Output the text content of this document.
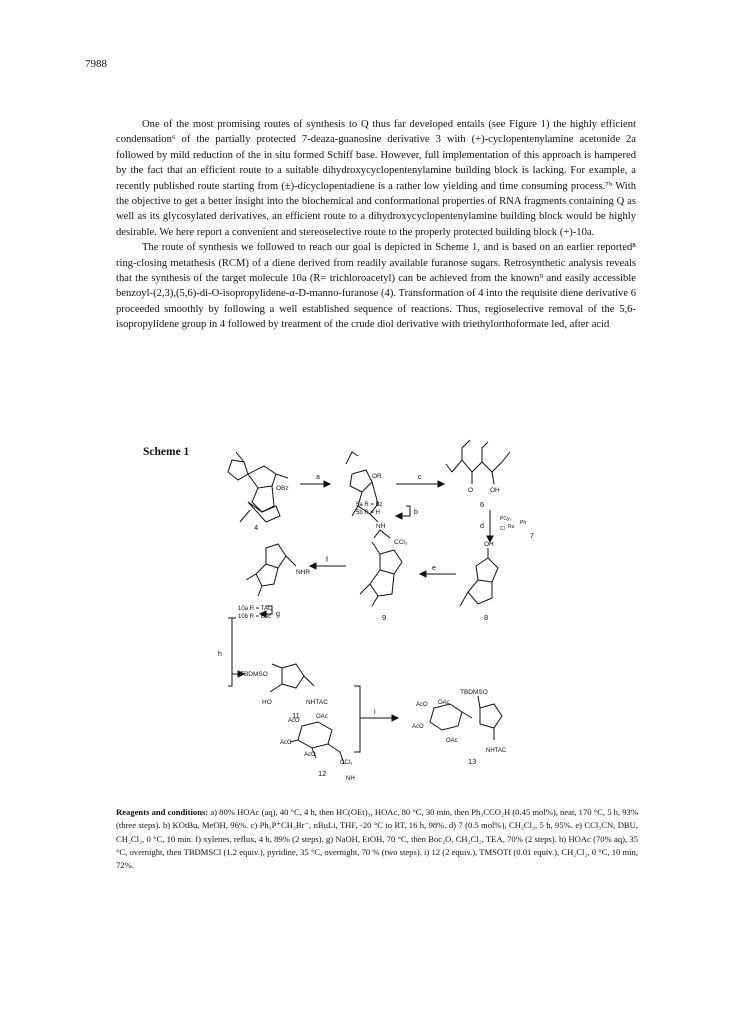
7988

One of the most promising routes of synthesis to Q thus far developed entails (see Figure 1) the highly efficient condensation⁶ of the partially protected 7-deaza-guanosine derivative 3 with (+)-cyclopentenylamine acetonide 2a followed by mild reduction of the in situ formed Schiff base. However, full implementation of this approach is hampered by the fact that an efficient route to a suitable dihydroxycyclopentenylamine building block is lacking. For example, a recently published route starting from (±)-dicyclopentadiene is a rather low yielding and time consuming process.⁷ᵇ With the objective to get a better insight into the biochemical and conformational properties of RNA fragments containing Q as well as its glycosylated derivatives, an efficient route to a dihydroxycyclopentenylamine building block would be highly desirable. We here report a convenient and stereoselective route to the properly protected building block (+)-10a.

The route of synthesis we followed to reach our goal is depicted in Scheme 1, and is based on an earlier reported⁸ ring-closing metathesis (RCM) of a diene derived from readily available furanose sugars. Retrosynthetic analysis reveals that the synthesis of the target molecule 10a (R= trichloroacetyl) can be achieved from the known⁹ and easily accessible benzoyl-(2,3),(5,6)-di-O-isopropylidene-α-D-manno-furanose (4). Transformation of 4 into the requisite diene derivative 6 proceeded smoothly by following a well established sequence of reactions. Thus, regioselective removal of the 5,6-isopropylidene group in 4 followed by treatment of the crude diol derivative with triethylorthoformate led, after acid

Scheme 1
4
OBz
a	OR
5a R = Bz
5b R = H	b
c
O	OH
6
d
PCy₃
Ph
Cl Ru
7
OH
8
e
NH
CCl₃
9
f
NHR
10a R = TAC
10b R = Boc g
h
TBDMSO
HO	NHTAC
11
AcO
OAc
AcO
AcO
CCl₃
NH
12
i
TBDMSO
AcO OAc
AcO
OAc
NHTAC
13
Reagents and conditions: a) 80% HOAc (aq), 40 °C, 4 h, then HC(OEt)₃, HOAc, 80 °C, 30 min, then Ph₃CCO₂H (0.45 mol%), neat, 170 °C, 5 h, 93% (three steps). b) KOtBu, MeOH, 96%. c) Ph₃P⁺CH₃Br⁻, nBuLi, THF, -20 °C to RT, 16 h, 98%. d) 7 (0.5 mol%), CH₂Cl₂, 5 h, 95%. e) CCl₃CN, DBU, CH₂Cl₂, 0 °C, 10 min. f) xylenes, reflux, 4 h, 89% (2 steps). g) NaOH, EtOH, 70 °C, then Boc₂O, CH₂Cl₂, TEA, 70% (2 steps). h) HOAc (70% aq), 35 °C, overnight, then TBDMSCl (1.2 equiv.), pyridine, 35 °C, overnight, 70 % (two steps). i) 12 (2 equiv.), TMSOTf (0.01 equiv.), CH₂Cl₂, 0 °C, 10 min, 72%.
